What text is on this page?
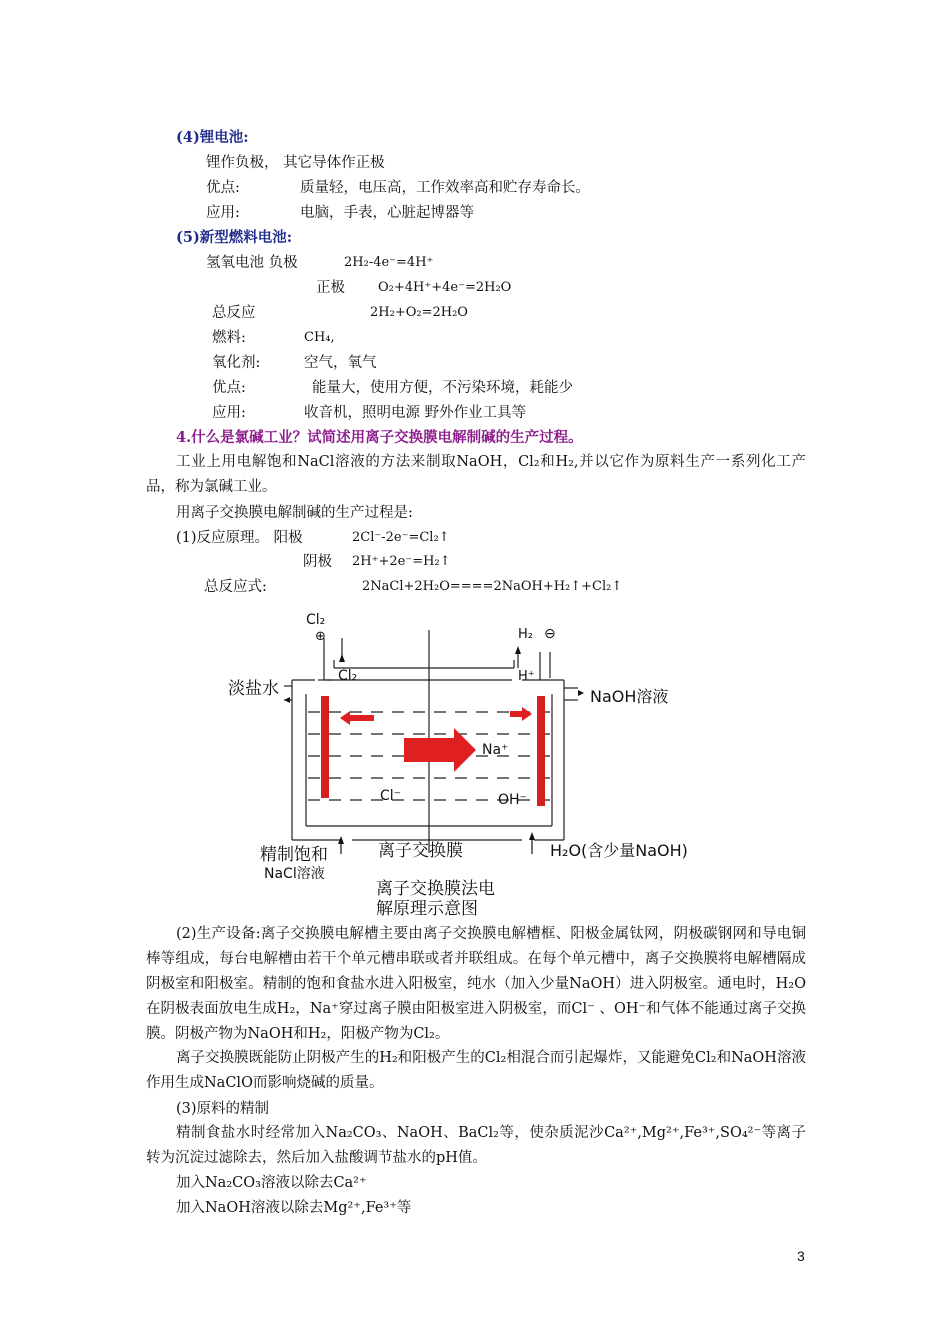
(4)锂电池:
锂作负极， 其它导体作正极
优点:	质量轻，电压高，工作效率高和贮存寿命长。
应用:	电脑，手表，心脏起博器等
(5)新型燃料电池:
氢氧电池 负极	2H₂-4e⁻=4H⁺
正极	O₂+4H⁺+4e⁻=2H₂O
总反应	2H₂+O₂=2H₂O
燃料:	CH₄,
氧化剂:	空气，氧气
优点:	能量大，使用方便，不污染环境，耗能少
应用:	收音机，照明电源 野外作业工具等
4.什么是氯碱工业？试简述用离子交换膜电解制碱的生产过程。
工业上用电解饱和NaCl溶液的方法来制取NaOH，Cl₂和H₂,并以它作为原料生产一系列化工产品，称为氯碱工业。
用离子交换膜电解制碱的生产过程是:
(1)反应原理。 阳极	2Cl⁻-2e⁻=Cl₂↑
阴极 2H⁺+2e⁻=H₂↑
总反应式:	2NaCl+2H₂O====2NaOH+H₂↑+Cl₂↑
Cl₂
⊕	H₂ ⊖
淡盐水
Cl₂	H⁺
NaOH溶液
Na⁺
Cl⁻	OH⁻
精制饱和
NaCl溶液
离子交换膜	H₂O(含少量NaOH)
离子交换膜法电
解原理示意图
(2)生产设备:离子交换膜电解槽主要由离子交换膜电解槽框、阳极金属钛网，阴极碳钢网和导电铜棒等组成，每台电解槽由若干个单元槽串联或者并联组成。在每个单元槽中，离子交换膜将电解槽隔成阴极室和阳极室。精制的饱和食盐水进入阳极室，纯水（加入少量NaOH）进入阴极室。通电时，H₂O在阴极表面放电生成H₂，Na⁺穿过离子膜由阳极室进入阴极室，而Cl⁻ 、OH⁻和气体不能通过离子交换膜。阴极产物为NaOH和H₂，阳极产物为Cl₂。
离子交换膜既能防止阴极产生的H₂和阳极产生的Cl₂相混合而引起爆炸，又能避免Cl₂和NaOH溶液作用生成NaClO而影响烧碱的质量。
(3)原料的精制
精制食盐水时经常加入Na₂CO₃、NaOH、BaCl₂等，使杂质泥沙Ca²⁺,Mg²⁺,Fe³⁺,SO₄²⁻等离子转为沉淀过滤除去，然后加入盐酸调节盐水的pH值。
加入Na₂CO₃溶液以除去Ca²⁺
加入NaOH溶液以除去Mg²⁺,Fe³⁺等
3
